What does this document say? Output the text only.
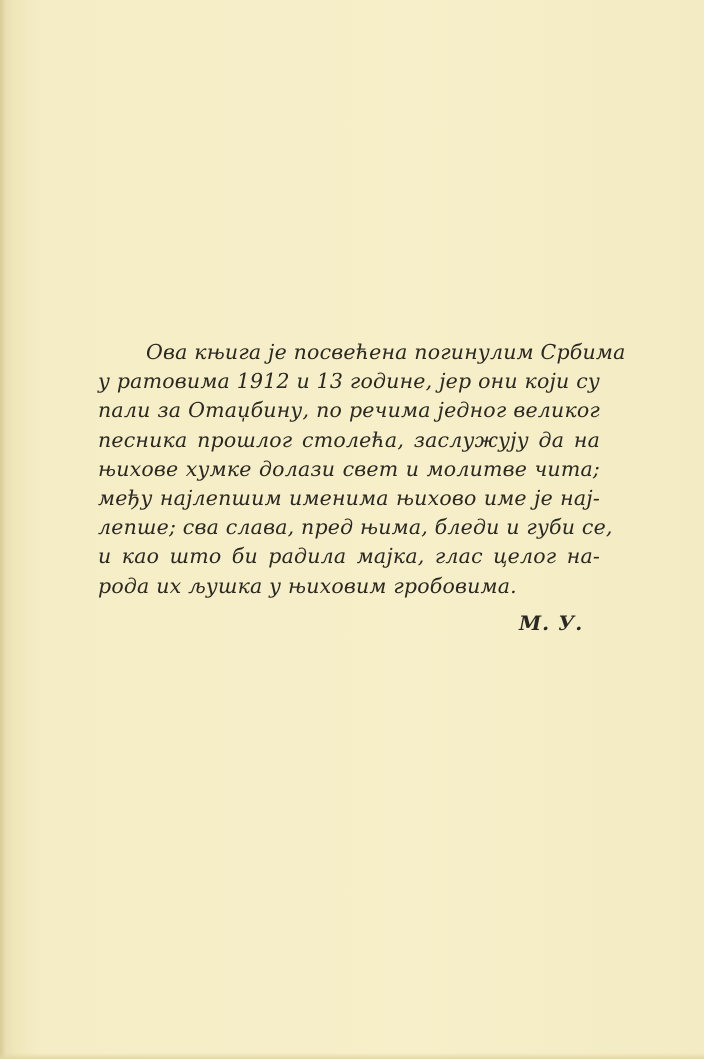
Ова књига је посвећена погинулим Србима
у ратовима 1912 и 13 године, јер они који су
пали за Отаџбину, по речима једног великог
песника прошлог столећа, заслужују да на
њихове хумке долази свет и молитве чита;
међу најлепшим именима њихово име је нај-
лепше; сва слава, пред њима, бледи и губи се,
и као што би радила мајка, глас целог на-
рода их љушка у њиховим гробовима.
М. У.
